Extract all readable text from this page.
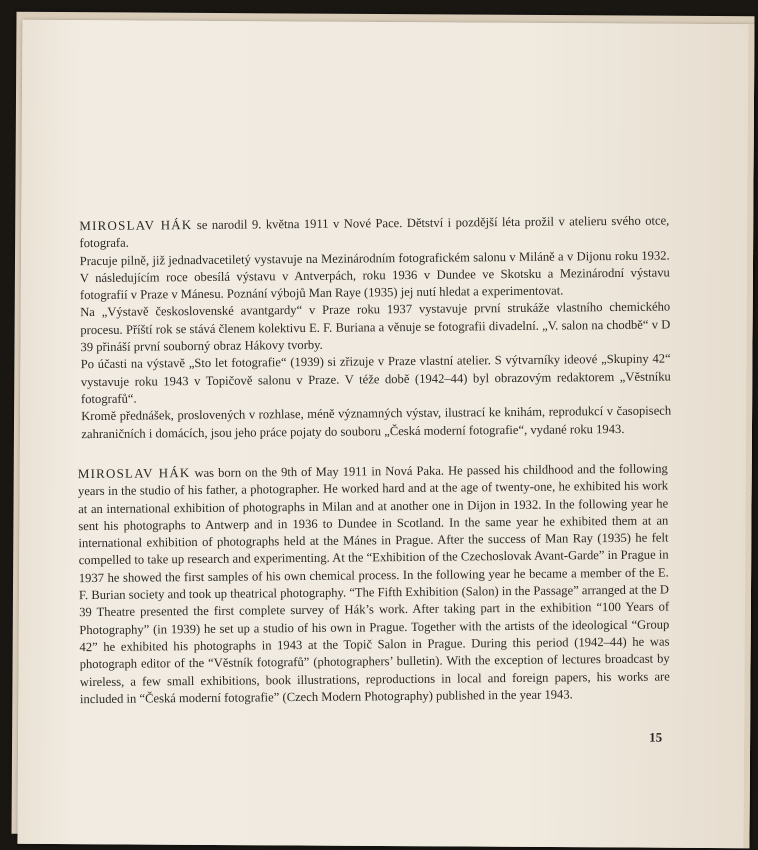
MIROSLAV HÁK se narodil 9. května 1911 v Nové Pace. Dětství i pozdější léta prožil v atelieru svého otce, fotografa.

Pracuje pilně, již jednadvacetiletý vystavuje na Mezinárodním fotografickém salonu v Miláně a v Dijonu roku 1932. V následujícím roce obesílá výstavu v Antverpách, roku 1936 v Dundee ve Skotsku a Mezinárodní výstavu fotografií v Praze v Mánesu. Poznání výbojů Man Raye (1935) jej nutí hledat a experimentovat.

Na „Výstavě československé avantgardy“ v Praze roku 1937 vystavuje první strukáže vlastního chemického procesu. Příští rok se stává členem kolektivu E. F. Buriana a věnuje se fotografii divadelní. „V. salon na chodbě“ v D 39 přináší první souborný obraz Hákovy tvorby.

Po účasti na výstavě „Sto let fotografie“ (1939) si zřizuje v Praze vlastní atelier. S výtvarníky ideové „Skupiny 42“ vystavuje roku 1943 v Topičově salonu v Praze. V téže době (1942–44) byl obrazovým redaktorem „Věstníku fotografů“.

Kromě přednášek, proslovených v rozhlase, méně významných výstav, ilustrací ke knihám, reprodukcí v časopisech zahraničních i domácích, jsou jeho práce pojaty do souboru „Česká moderní fotografie“, vydané roku 1943.

MIROSLAV HÁK was born on the 9th of May 1911 in Nová Paka. He passed his childhood and the following years in the studio of his father, a photographer. He worked hard and at the age of twenty-one, he exhibited his work at an international exhibition of photographs in Milan and at another one in Dijon in 1932. In the following year he sent his photographs to Antwerp and in 1936 to Dundee in Scotland. In the same year he exhibited them at an international exhibition of photographs held at the Mánes in Prague. After the success of Man Ray (1935) he felt compelled to take up research and experimenting. At the “Exhibition of the Czechoslovak Avant-Garde” in Prague in 1937 he showed the first samples of his own chemical process. In the following year he became a member of the E. F. Burian society and took up theatrical photography. “The Fifth Exhibition (Salon) in the Passage” arranged at the D 39 Theatre presented the first complete survey of Hák’s work. After taking part in the exhibition “100 Years of Photography” (in 1939) he set up a studio of his own in Prague. Together with the artists of the ideological “Group 42” he exhibited his photographs in 1943 at the Topič Salon in Prague. During this period (1942–44) he was photograph editor of the “Věstník fotografů” (photographers’ bulletin). With the exception of lectures broadcast by wireless, a few small exhibitions, book illustrations, reproductions in local and foreign papers, his works are included in “Česká moderní fotografie” (Czech Modern Photography) published in the year 1943.

15
